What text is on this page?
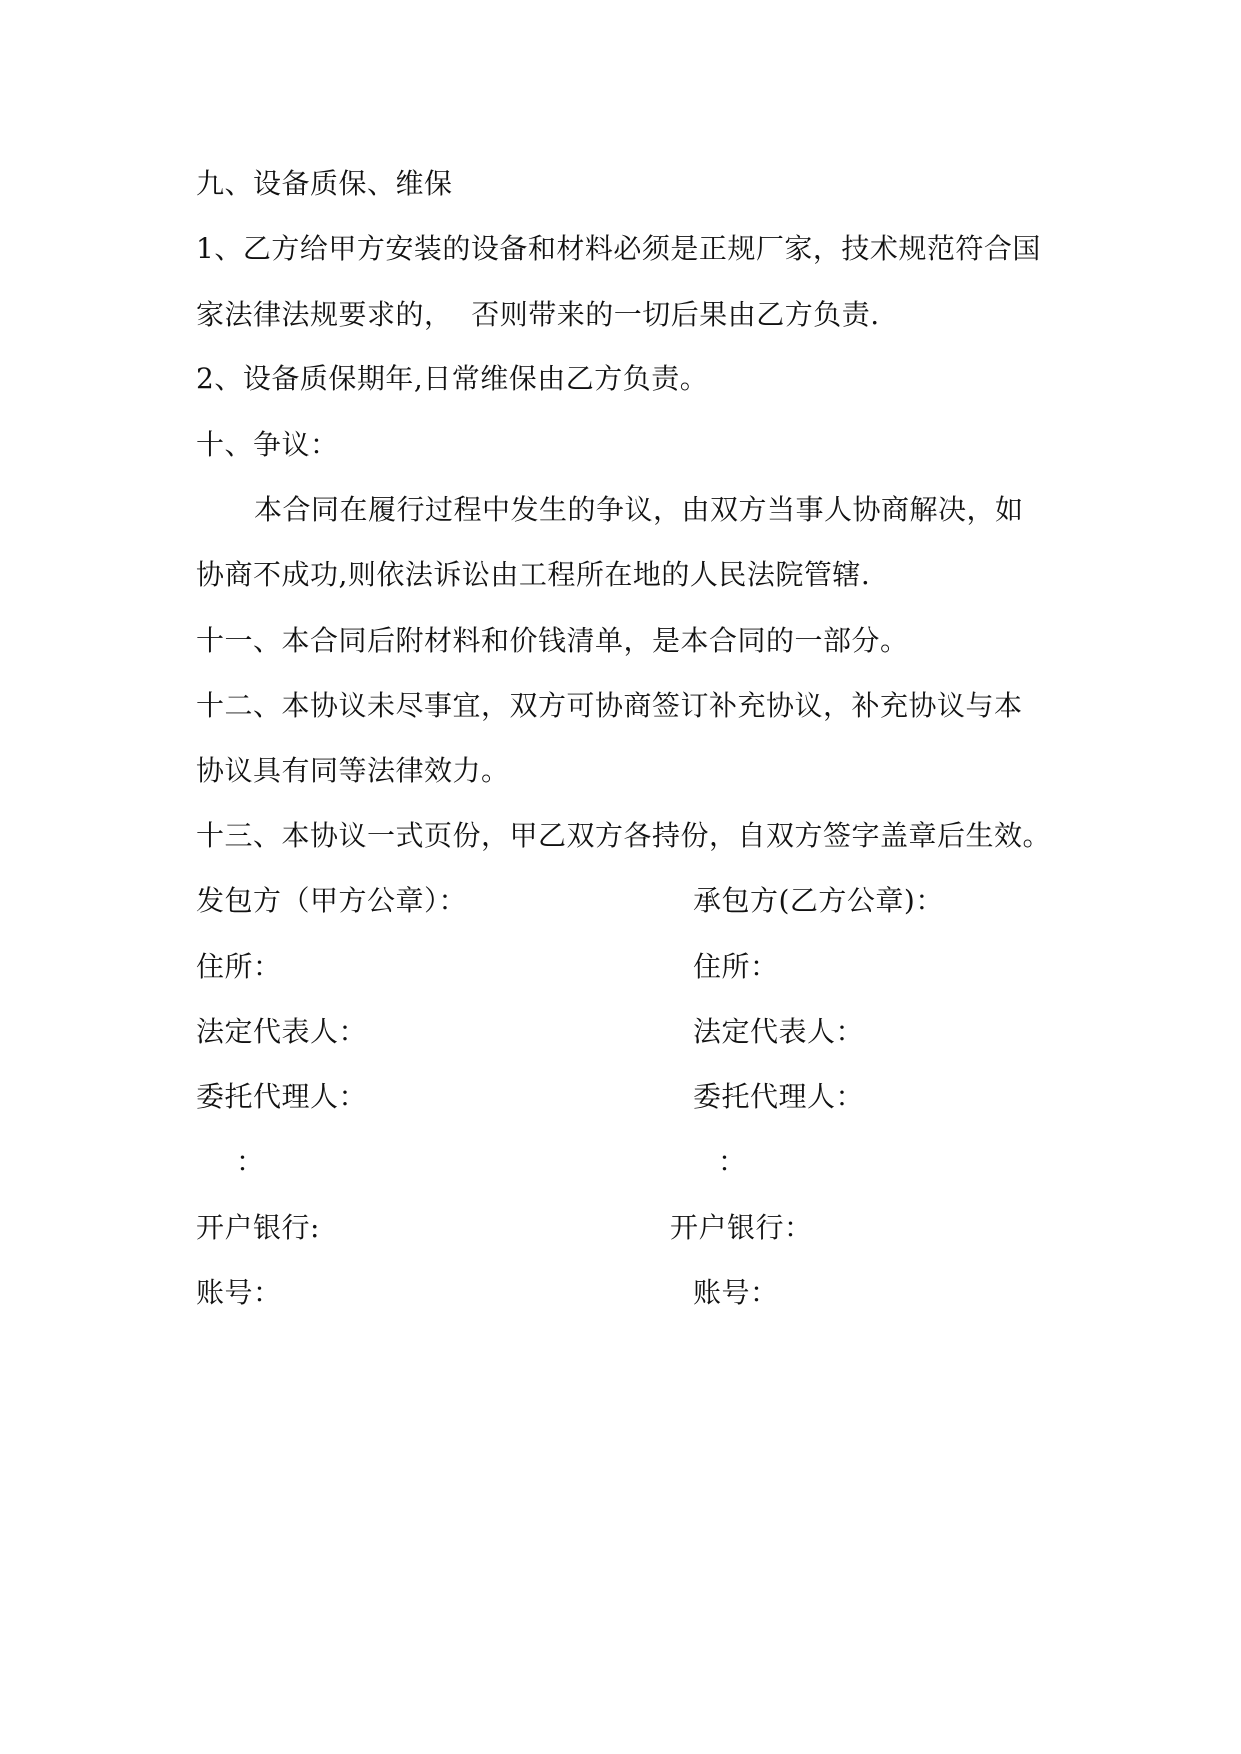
九、设备质保、维保
1、乙方给甲方安装的设备和材料必须是正规厂家，技术规范符合国
家法律法规要求的，  否则带来的一切后果由乙方负责.
2、设备质保期年,日常维保由乙方负责。
十、争议：
本合同在履行过程中发生的争议，由双方当事人协商解决，如
协商不成功,则依法诉讼由工程所在地的人民法院管辖.
十一、本合同后附材料和价钱清单，是本合同的一部分。
十二、本协议未尽事宜，双方可协商签订补充协议，补充协议与本
协议具有同等法律效力。
十三、本协议一式页份，甲乙双方各持份，自双方签字盖章后生效。
发包方（甲方公章）：
住所：
法定代表人：
委托代理人：
：
开户银行:
账号：
承包方(乙方公章)：
住所：
法定代表人：
委托代理人：
：
开户银行：
账号：
